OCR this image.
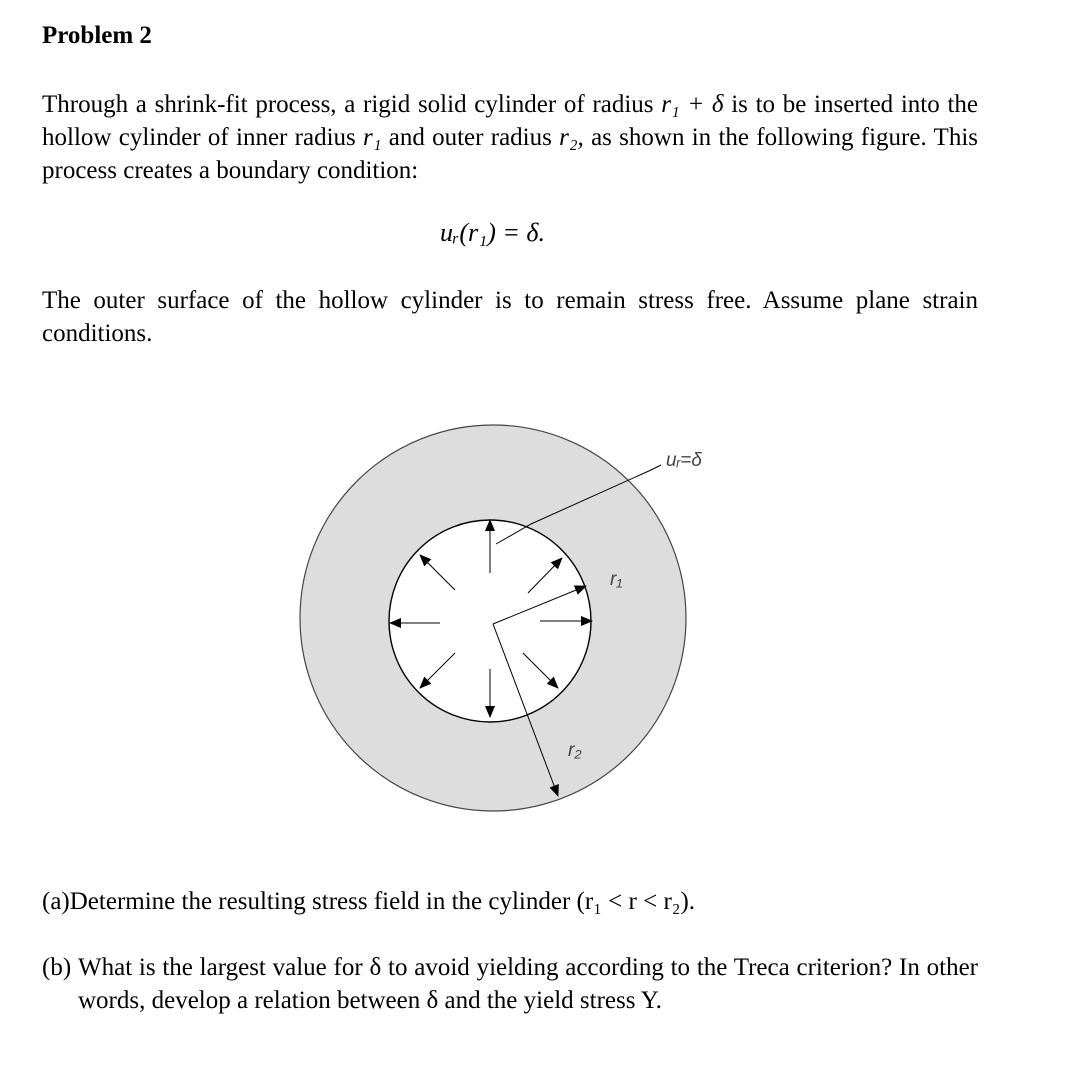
Problem 2
Through a shrink-fit process, a rigid solid cylinder of radius r₁ + δ is to be inserted into the hollow cylinder of inner radius r₁ and outer radius r₂, as shown in the following figure. This process creates a boundary condition:
uᵣ(r₁) = δ.
The outer surface of the hollow cylinder is to remain stress free. Assume plane strain conditions.
uᵣ=δ
r₁
r₂
(a)Determine the resulting stress field in the cylinder (r₁ < r < r₂).
(b) What is the largest value for δ to avoid yielding according to the Treca criterion? In other words, develop a relation between δ and the yield stress Y.
